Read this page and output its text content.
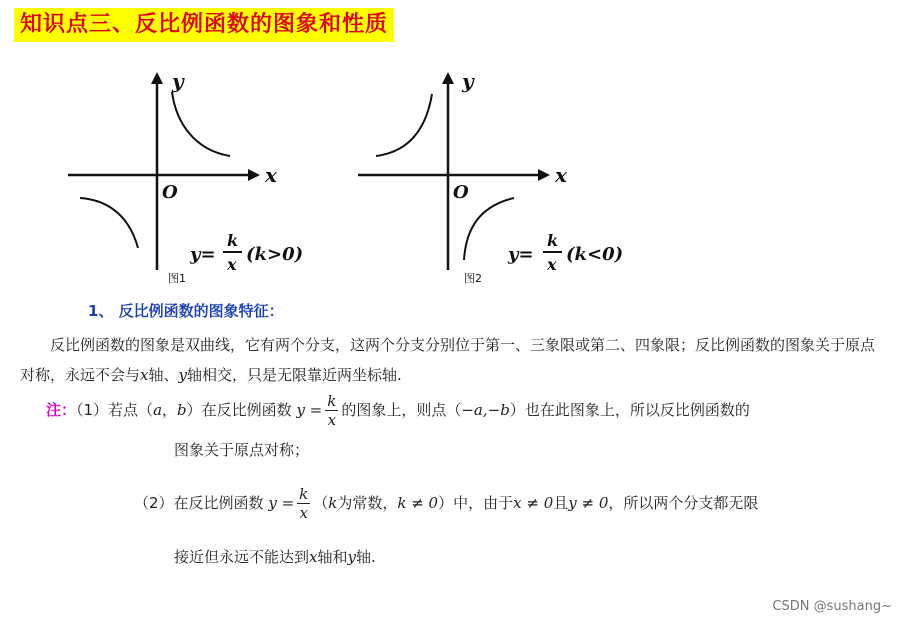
知识点三、反比例函数的图象和性质
x
y
O
y=
k
x (k>0)
图1
x
y
O
y=
k
x (k<0)
图2
1、 反比例函数的图象特征：
反比例函数的图象是双曲线，它有两个分支，这两个分支分别位于第一、三象限或第二、四象限；反比例函数的图象关于原点对称，永远不会与x轴、y轴相交，只是无限靠近两坐标轴.
注：（1）若点（a，b）在反比例函数 $y = \frac{k}{x}$ 的图象上，则点（−a,−b）也在此图象上，所以反比例函数的
图象关于原点对称；
（2）在反比例函数 $y = \frac{k}{x} (k$为常数，k ≠ 0）中，由于x ≠ 0且y ≠ 0，所以两个分支都无限
接近但永远不能达到x轴和y轴.
CSDN @sushang~
